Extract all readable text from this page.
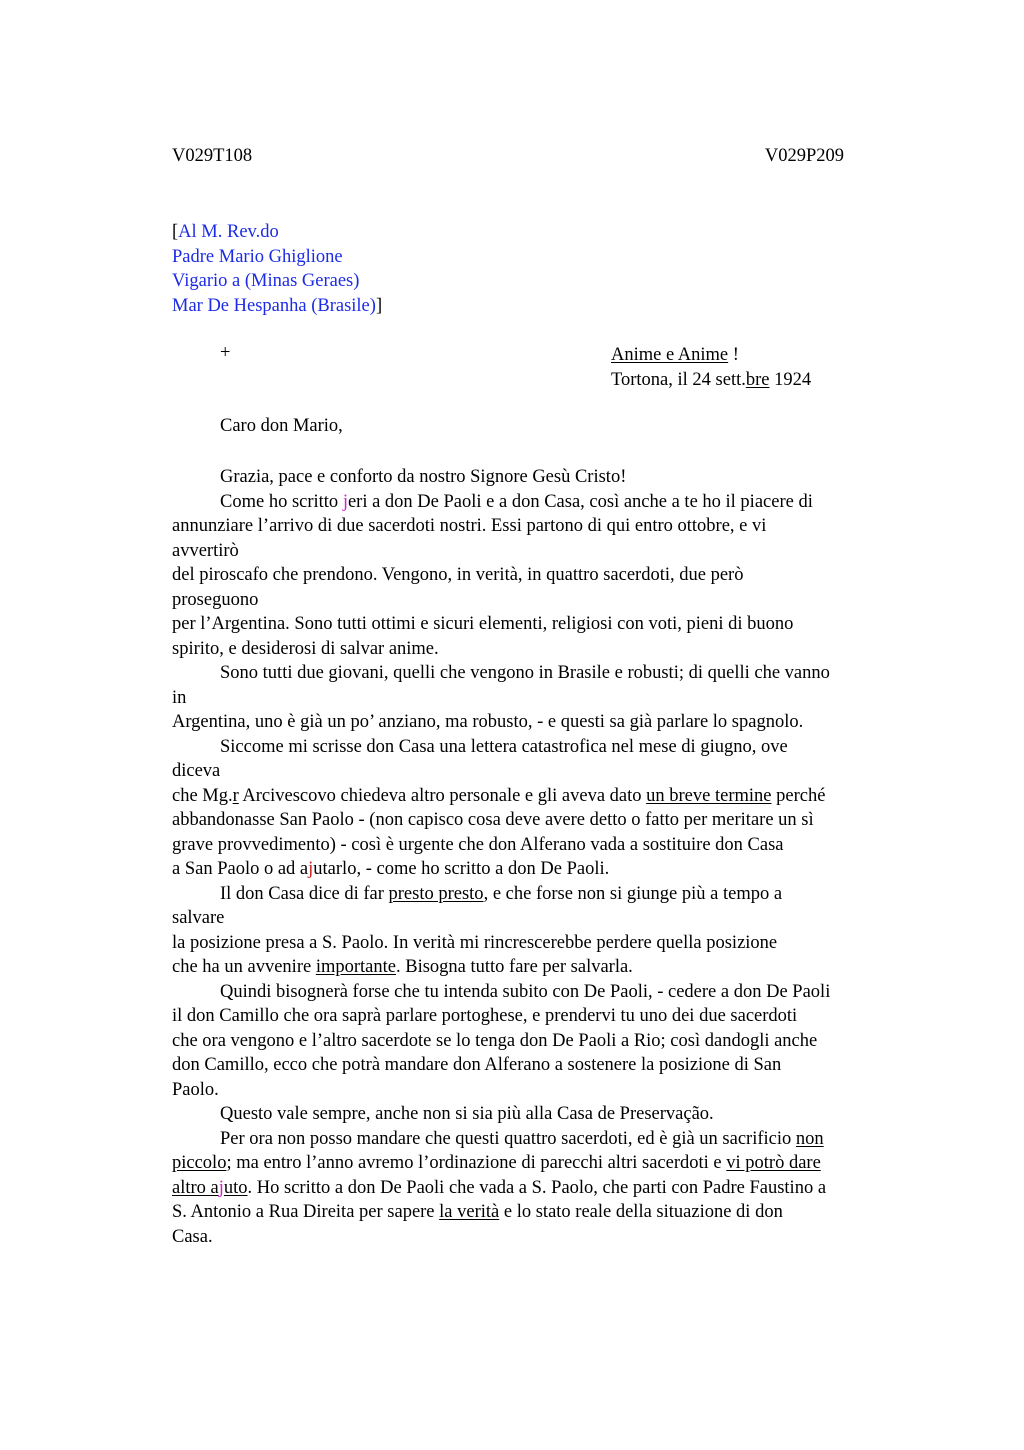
V029T108	V029P209
[Al M. Rev.do
Padre Mario Ghiglione
Vigario a (Minas Geraes)
Mar De Hespanha (Brasile)]
+	Anime e Anime !
Tortona, il 24 sett.bre 1924
Caro don Mario,
Grazia, pace e conforto da nostro Signore Gesù Cristo!
Come ho scritto jeri a don De Paoli e a don Casa, così anche a te ho il piacere di
annunziare l’arrivo di due sacerdoti nostri. Essi partono di qui entro ottobre, e vi
avvertirò
del piroscafo che prendono. Vengono, in verità, in quattro sacerdoti, due però
proseguono
per l’Argentina. Sono tutti ottimi e sicuri elementi, religiosi con voti, pieni di buono
spirito, e desiderosi di salvar anime.
Sono tutti due giovani, quelli che vengono in Brasile e robusti; di quelli che vanno
in
Argentina, uno è già un po’ anziano, ma robusto, - e questi sa già parlare lo spagnolo.
Siccome mi scrisse don Casa una lettera catastrofica nel mese di giugno, ove
diceva
che Mg.r Arcivescovo chiedeva altro personale e gli aveva dato un breve termine perché
abbandonasse San Paolo - (non capisco cosa deve avere detto o fatto per meritare un sì
grave provvedimento) - così è urgente che don Alferano vada a sostituire don Casa
a San Paolo o ad ajutarlo, - come ho scritto a don De Paoli.
Il don Casa dice di far presto presto, e che forse non si giunge più a tempo a
salvare
la posizione presa a S. Paolo. In verità mi rincrescerebbe perdere quella posizione
che ha un avvenire importante. Bisogna tutto fare per salvarla.
Quindi bisognerà forse che tu intenda subito con De Paoli, - cedere a don De Paoli
il don Camillo che ora saprà parlare portoghese, e prendervi tu uno dei due sacerdoti
che ora vengono e l’altro sacerdote se lo tenga don De Paoli a Rio; così dandogli anche
don Camillo, ecco che potrà mandare don Alferano a sostenere la posizione di San
Paolo.
Questo vale sempre, anche non si sia più alla Casa de Preservação.
Per ora non posso mandare che questi quattro sacerdoti, ed è già un sacrificio non
piccolo; ma entro l’anno avremo l’ordinazione di parecchi altri sacerdoti e vi potrò dare
altro ajuto. Ho scritto a don De Paoli che vada a S. Paolo, che parti con Padre Faustino a
S. Antonio a Rua Direita per sapere la verità e lo stato reale della situazione di don
Casa.
